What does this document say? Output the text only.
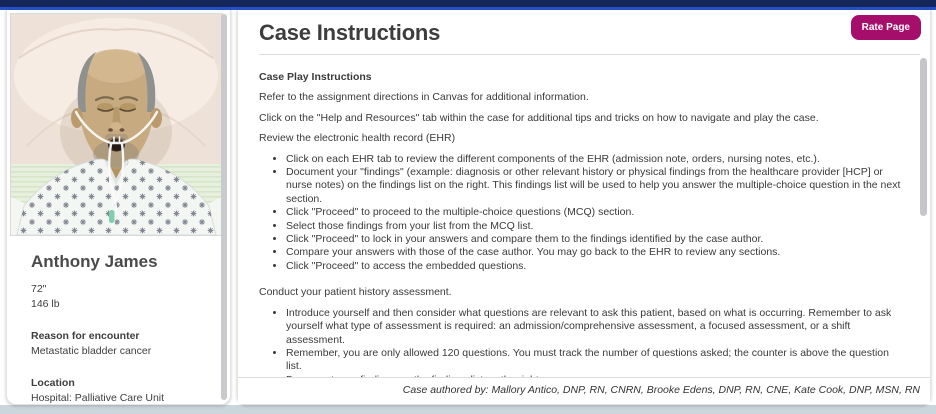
Anthony James

72"
146 lb
Reason for encounter
Metastatic bladder cancer
Location
Hospital: Palliative Care Unit
Case Instructions	Rate Page

Case Play Instructions

Refer to the assignment directions in Canvas for additional information.

Click on the "Help and Resources" tab within the case for additional tips and tricks on how to navigate and play the case.

Review the electronic health record (EHR)

• Click on each EHR tab to review the different components of the EHR (admission note, orders, nursing notes, etc.).
• Document your "findings" (example: diagnosis or other relevant history or physical findings from the healthcare provider [HCP] or nurse notes) on the findings list on the right. This findings list will be used to help you answer the multiple-choice question in the next section.
• Click "Proceed" to proceed to the multiple-choice questions (MCQ) section.
• Select those findings from your list from the MCQ list.
• Click "Proceed" to lock in your answers and compare them to the findings identified by the case author.
• Compare your answers with those of the case author. You may go back to the EHR to review any sections.
• Click "Proceed" to access the embedded questions.

Conduct your patient history assessment.

• Introduce yourself and then consider what questions are relevant to ask this patient, based on what is occurring. Remember to ask yourself what type of assessment is required: an admission/comprehensive assessment, a focused assessment, or a shift assessment.
• Remember, you are only allowed 120 questions. You must track the number of questions asked; the counter is above the question list.
•
Case authored by: Mallory Antico, DNP, RN, CNRN, Brooke Edens, DNP, RN, CNE, Kate Cook, DNP, MSN, RN
